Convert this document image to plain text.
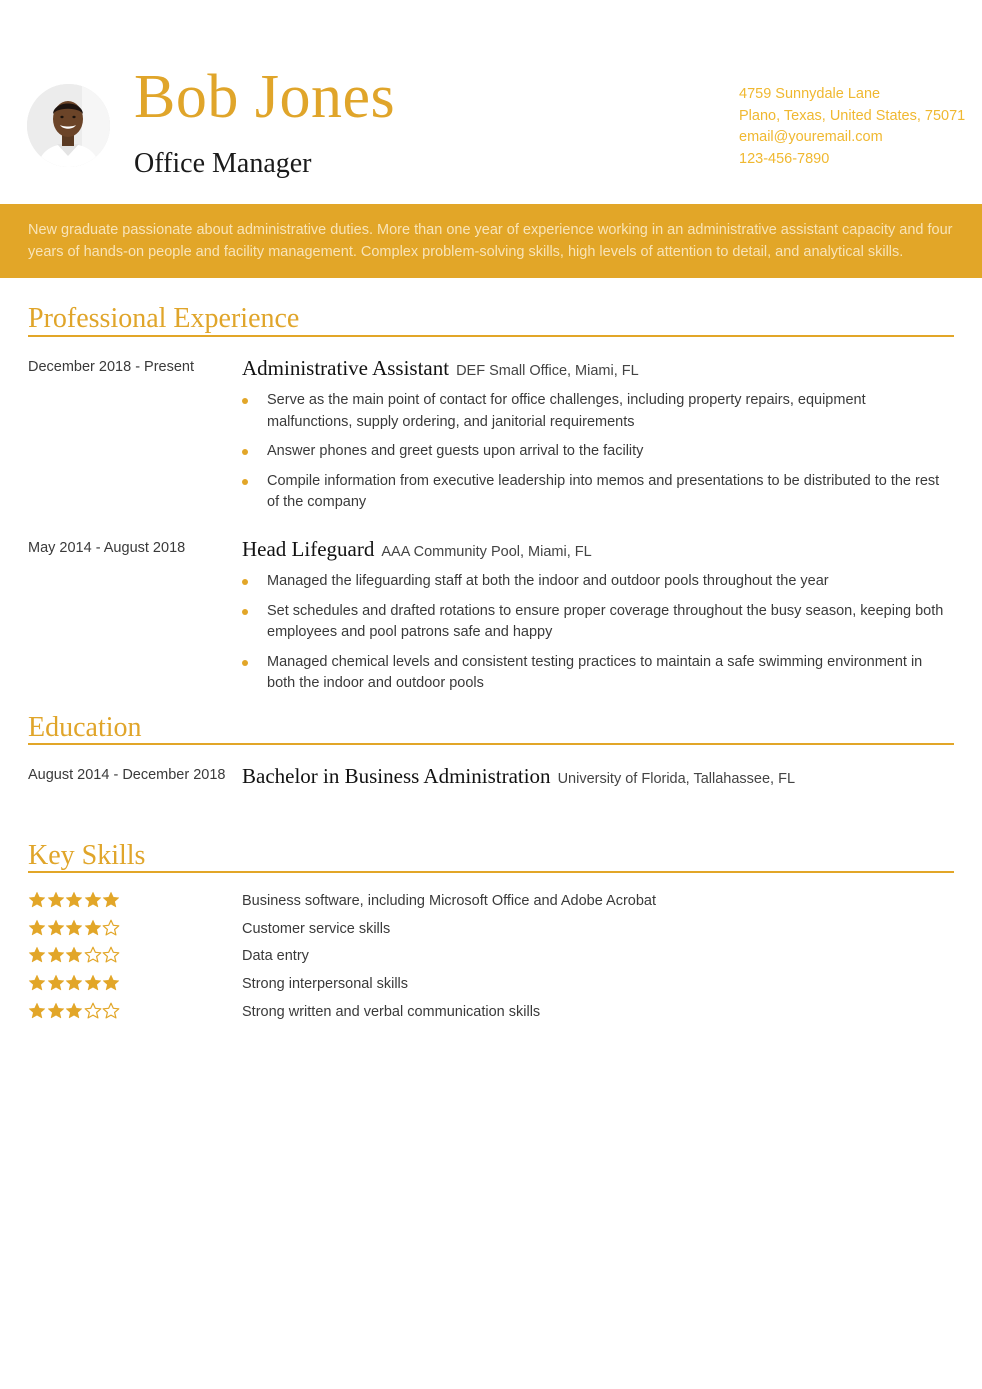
Bob Jones
Office Manager
4759 Sunnydale Lane
Plano, Texas, United States, 75071
email@youremail.com
123-456-7890

New graduate passionate about administrative duties. More than one year of experience working in an administrative assistant capacity and four years of hands-on people and facility management. Complex problem-solving skills, high levels of attention to detail, and analytical skills.

Professional Experience
December 2018 - Present Administrative Assistant DEF Small Office, Miami, FL
Serve as the main point of contact for office challenges, including property repairs, equipment malfunctions, supply ordering, and janitorial requirements
Answer phones and greet guests upon arrival to the facility
Compile information from executive leadership into memos and presentations to be distributed to the rest of the company
May 2014 - August 2018	Head Lifeguard AAA Community Pool, Miami, FL
Managed the lifeguarding staff at both the indoor and outdoor pools throughout the year
Set schedules and drafted rotations to ensure proper coverage throughout the busy season, keeping both employees and pool patrons safe and happy
Managed chemical levels and consistent testing practices to maintain a safe swimming environment in both the indoor and outdoor pools
Education
August 2014 - December 2018 Bachelor in Business Administration University of Florida, Tallahassee, FL
Key Skills
Business software, including Microsoft Office and Adobe Acrobat
Customer service skills
Data entry
Strong interpersonal skills
Strong written and verbal communication skills
